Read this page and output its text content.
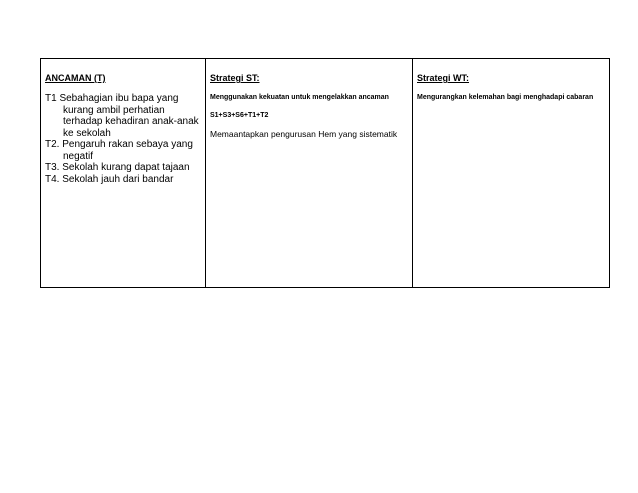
ANCAMAN (T)
T1 Sebahagian ibu bapa yang kurang ambil perhatian terhadap kehadiran anak-anak ke sekolah
T2. Pengaruh rakan sebaya yang negatif
T3. Sekolah kurang dapat tajaan
T4. Sekolah jauh dari bandar
Strategi ST:
Menggunakan kekuatan untuk mengelakkan ancaman
S1+S3+S6+T1+T2

Memaantapkan pengurusan Hem yang sistematik

Strategi WT:
Mengurangkan kelemahan bagi menghadapi cabaran
